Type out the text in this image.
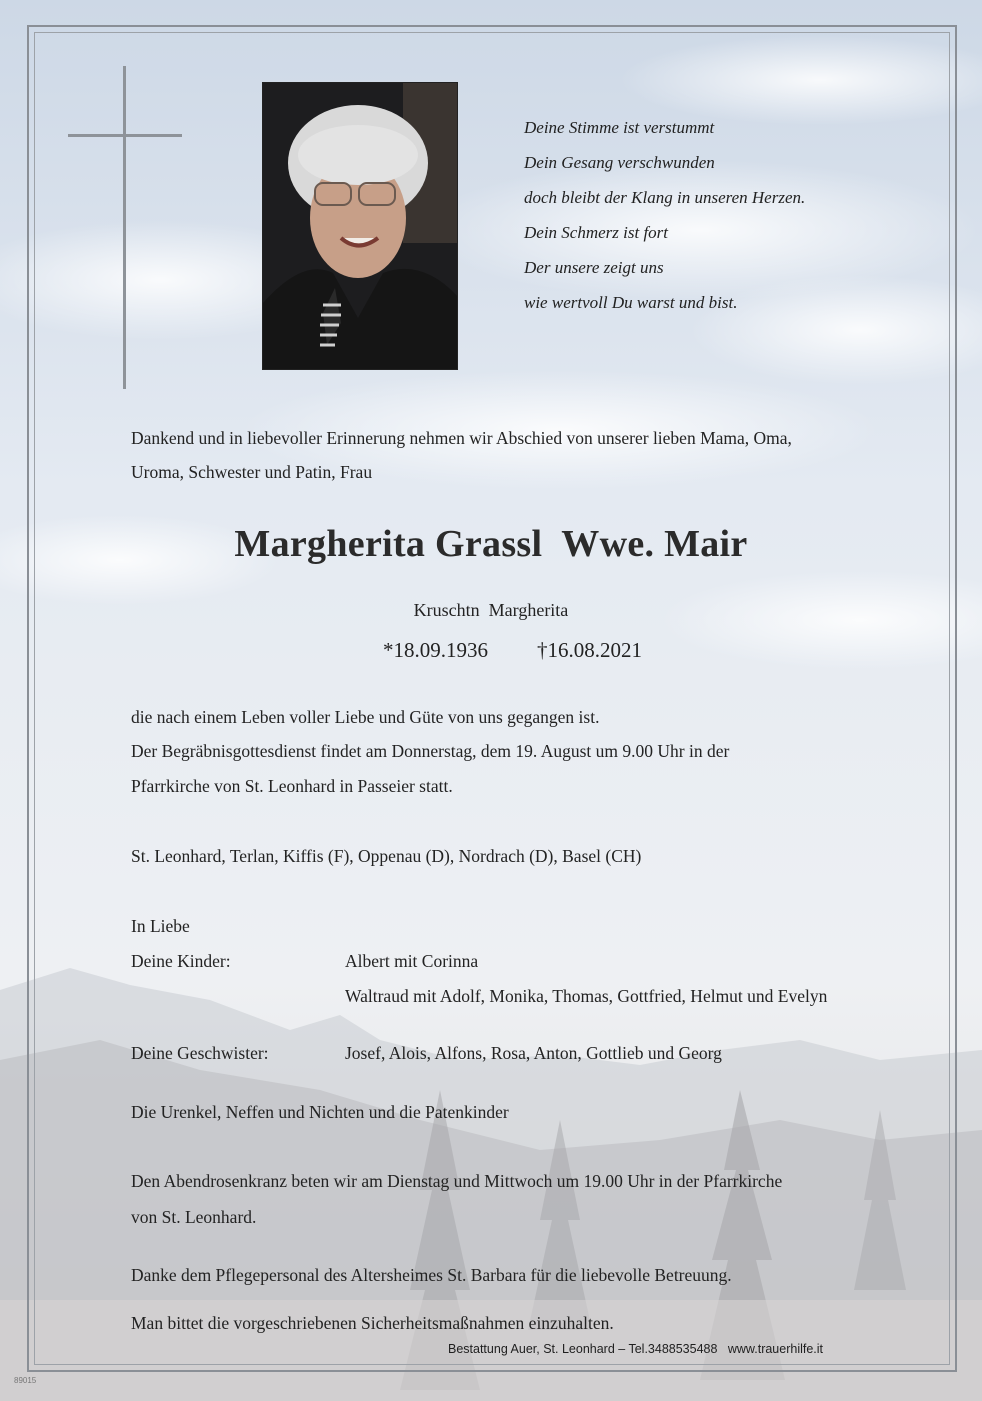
Deine Stimme ist verstummt
Dein Gesang verschwunden
doch bleibt der Klang in unseren Herzen.
Dein Schmerz ist fort
Der unsere zeigt uns
wie wertvoll Du warst und bist.
Dankend und in liebevoller Erinnerung nehmen wir Abschied von unserer lieben Mama, Oma,
Uroma, Schwester und Patin, Frau
Margherita Grassl  Wwe. Mair
Kruschtn  Margherita
*18.09.1936 †16.08.2021
die nach einem Leben voller Liebe und Güte von uns gegangen ist.
Der Begräbnisgottesdienst findet am Donnerstag, dem 19. August um 9.00 Uhr in der
Pfarrkirche von St. Leonhard in Passeier statt.
St. Leonhard, Terlan, Kiffis (F), Oppenau (D), Nordrach (D), Basel (CH)
In Liebe
Deine Kinder:	Albert mit Corinna
Waltraud mit Adolf, Monika, Thomas, Gottfried, Helmut und Evelyn
Deine Geschwister:	Josef, Alois, Alfons, Rosa, Anton, Gottlieb und Georg
Die Urenkel, Neffen und Nichten und die Patenkinder
Den Abendrosenkranz beten wir am Dienstag und Mittwoch um 19.00 Uhr in der Pfarrkirche
von St. Leonhard.
Danke dem Pflegepersonal des Altersheimes St. Barbara für die liebevolle Betreuung.
Man bittet die vorgeschriebenen Sicherheitsmaßnahmen einzuhalten.
Bestattung Auer, St. Leonhard – Tel.3488535488   www.trauerhilfe.it
89015
